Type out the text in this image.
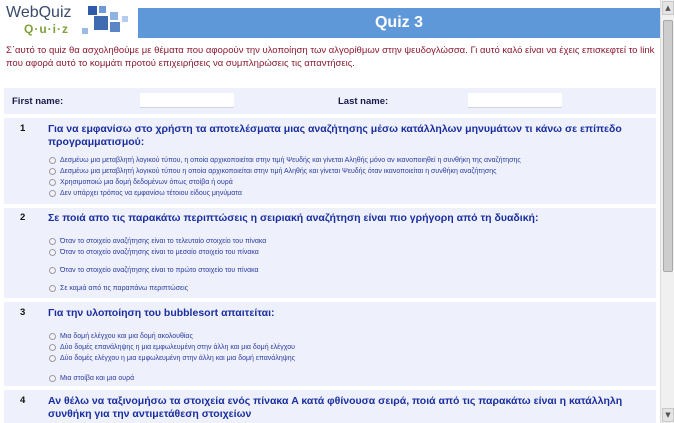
WebQuiz
Q·u·i·z	Quiz 3
Σ΄αυτό το quiz θα ασχοληθούμε με θέματα που αφορούν την υλοποίηση των αλγορίθμων στην ψευδογλώσσα. Γι αυτό καλό είναι να έχεις επισκεφτεί το link που αφορά αυτό το κομμάτι προτού επιχειρήσεις να συμπληρώσεις τις απαντήσεις.
First name:	Last name:
1 Για να εμφανίσω στο χρήστη τα αποτελέσματα μιας αναζήτησης μέσω κατάλληλων μηνυμάτων τι κάνω σε επίπεδο προγραμματισμού:
Δεσμέυω μια μεταβλητή λογικού τύπου, η οποία αρχικοποιείται στην τιμή Ψευδής και γίνεται Αληθής μόνο αν ικανοποιηθεί η συνθήκη της αναζήτησης
Δεσμέυω μια μεταβλητή λογικού τύπου η οποία αρχικοποιείται στην τιμή Αληθής και γίνεται Ψευδής όταν ικανοποιείται η συνθήκη αναζήτησης
Χρησιμοποιώ μια δομή δεδομένων όπως στοίβα ή ουρά
Δεν υπάρχει τρόπος να εμφανίσω τέτοιου είδους μηνύματα
2 Σε ποιά απο τις παρακάτω περιπτώσεις η σειριακή αναζήτηση είναι πιο γρήγορη από τη δυαδική:
Όταν το στοιχείο αναζήτησης είναι το τελευταίο στοιχείο του πίνακα
Όταν το στοιχείο αναζήτησης είναι το μεσαίο στοιχείο του πίνακα
Όταν το στοιχείο αναζήτησης είναι το πρώτο στοιχείο του πίνακα
Σε καμιά από τις παραπάνω περιπτώσεις
3 Για την υλοποίηση του bubblesort απαιτείται:
Μια δομή ελέγχου και μια δομή ακολουθίας
Δύο δομές επανάληψης η μια εμφωλευμένη στην άλλη και μια δομή ελέγχου
Δύο δομές ελέγχου η μια εμφωλευμένη στην άλλη και μια δομή επανάληψης
Μια στοίβα και μια ουρά
4 Αν θέλω να ταξινομήσω τα στοιχεία ενός πίνακα A κατά φθίνουσα σειρά, ποιά από τις παρακάτω είναι η κατάλληλη συνθήκη για την αντιμετάθεση στοιχείων
▲
▼
